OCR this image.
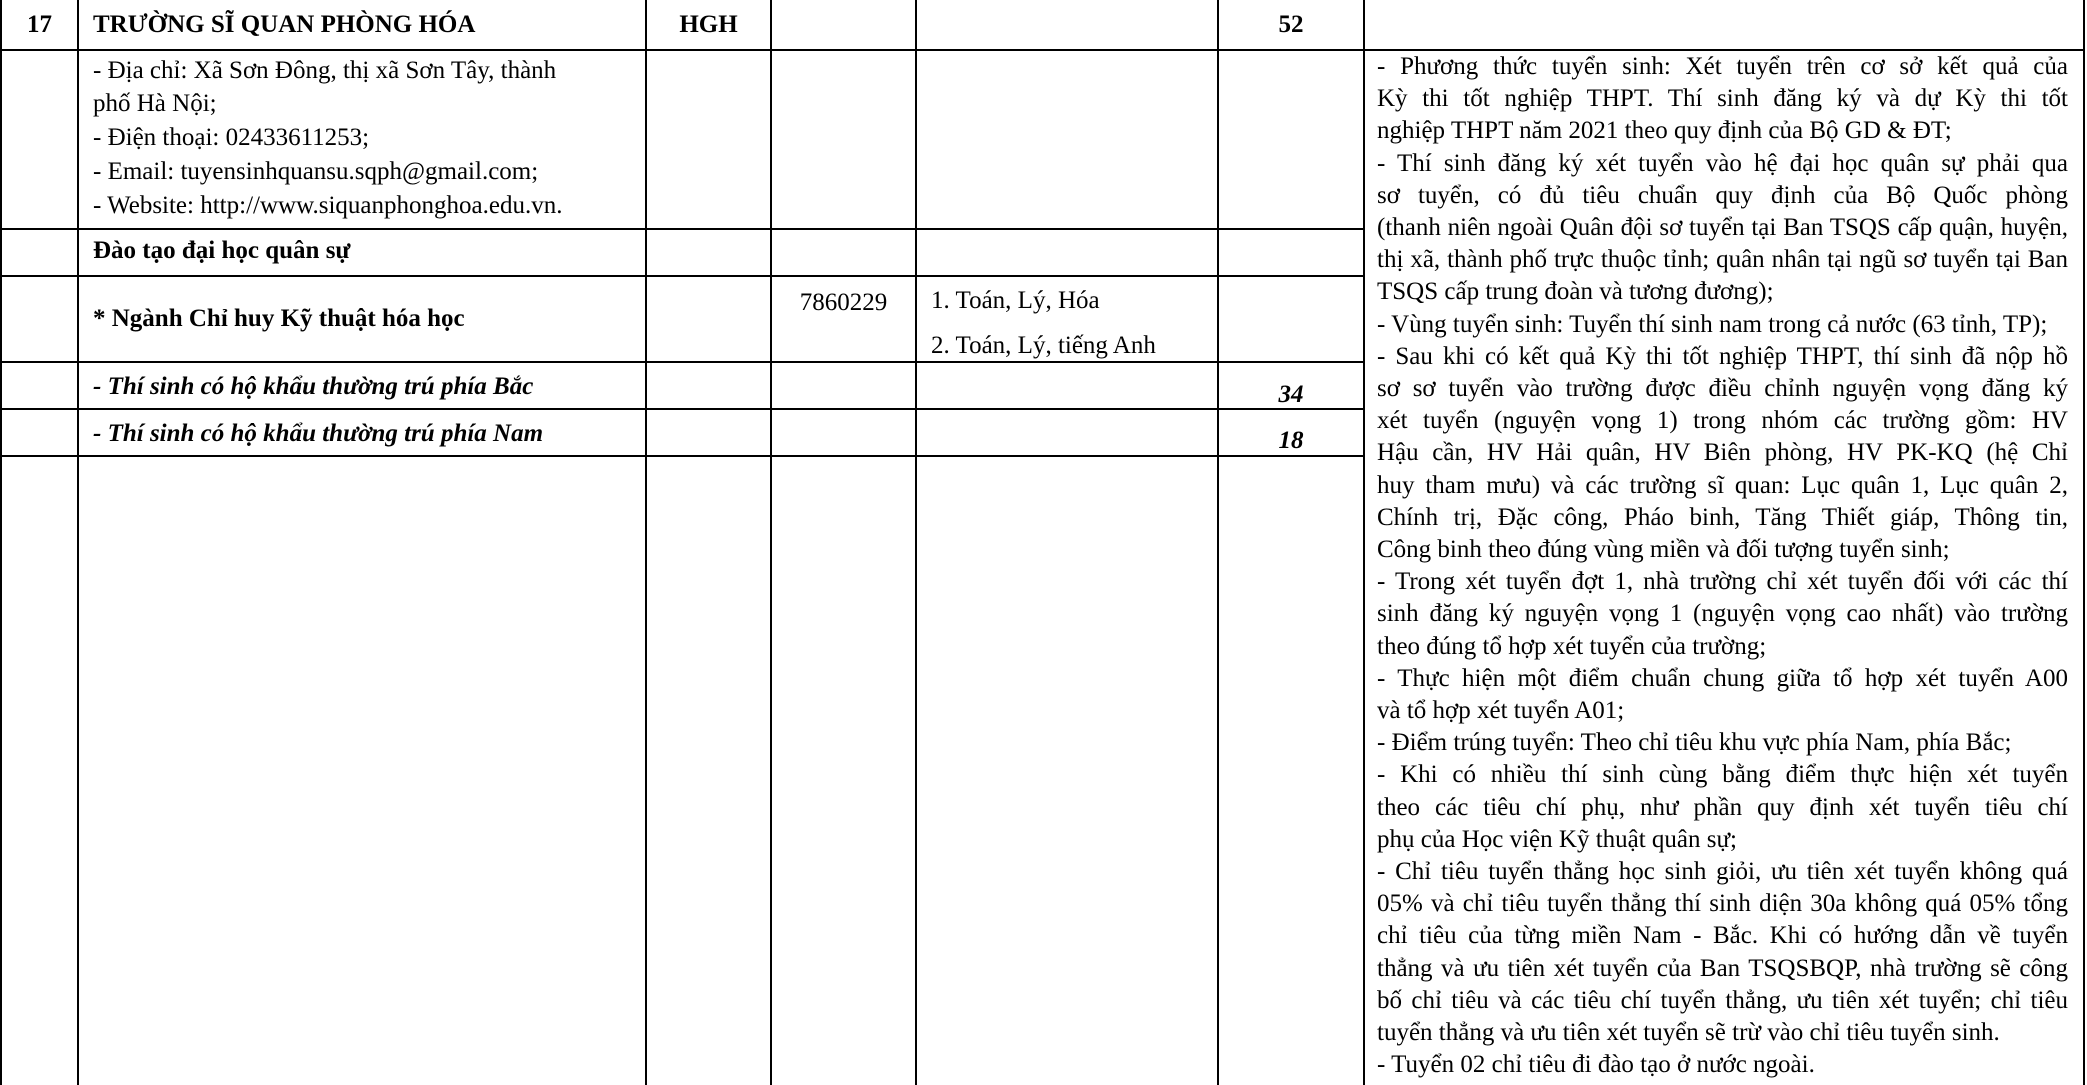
17	TRƯỜNG SĨ QUAN PHÒNG HÓA	HGH	52
- Địa chỉ: Xã Sơn Đông, thị xã Sơn Tây, thành
phố Hà Nội;
- Điện thoại: 02433611253;
- Email: tuyensinhquansu.sqph@gmail.com;
- Website: http://www.siquanphonghoa.edu.vn.
Đào tạo đại học quân sự
* Ngành Chỉ huy Kỹ thuật hóa học
7860229	1. Toán, Lý, Hóa
2. Toán, Lý, tiếng Anh
- Thí sinh có hộ khẩu thường trú phía Bắc	34
- Thí sinh có hộ khẩu thường trú phía Nam	18
- Phương thức tuyển sinh: Xét tuyển trên cơ sở kết quả của
Kỳ thi tốt nghiệp THPT. Thí sinh đăng ký và dự Kỳ thi tốt
nghiệp THPT năm 2021 theo quy định của Bộ GD & ĐT;
- Thí sinh đăng ký xét tuyển vào hệ đại học quân sự phải qua
sơ tuyển, có đủ tiêu chuẩn quy định của Bộ Quốc phòng
(thanh niên ngoài Quân đội sơ tuyển tại Ban TSQS cấp quận, huyện,
thị xã, thành phố trực thuộc tỉnh; quân nhân tại ngũ sơ tuyển tại Ban
TSQS cấp trung đoàn và tương đương);
- Vùng tuyển sinh: Tuyển thí sinh nam trong cả nước (63 tỉnh, TP);
- Sau khi có kết quả Kỳ thi tốt nghiệp THPT, thí sinh đã nộp hồ
sơ sơ tuyển vào trường được điều chỉnh nguyện vọng đăng ký
xét tuyển (nguyện vọng 1) trong nhóm các trường gồm: HV
Hậu cần, HV Hải quân, HV Biên phòng, HV PK-KQ (hệ Chỉ
huy tham mưu) và các trường sĩ quan: Lục quân 1, Lục quân 2,
Chính trị, Đặc công, Pháo binh, Tăng Thiết giáp, Thông tin,
Công binh theo đúng vùng miền và đối tượng tuyển sinh;
- Trong xét tuyển đợt 1, nhà trường chỉ xét tuyển đối với các thí
sinh đăng ký nguyện vọng 1 (nguyện vọng cao nhất) vào trường
theo đúng tổ hợp xét tuyển của trường;
- Thực hiện một điểm chuẩn chung giữa tổ hợp xét tuyển A00
và tổ hợp xét tuyển A01;
- Điểm trúng tuyển: Theo chỉ tiêu khu vực phía Nam, phía Bắc;
- Khi có nhiều thí sinh cùng bằng điểm thực hiện xét tuyển
theo các tiêu chí phụ, như phần quy định xét tuyển tiêu chí
phụ của Học viện Kỹ thuật quân sự;
- Chỉ tiêu tuyển thẳng học sinh giỏi, ưu tiên xét tuyển không quá
05% và chỉ tiêu tuyển thẳng thí sinh diện 30a không quá 05% tổng
chỉ tiêu của từng miền Nam - Bắc. Khi có hướng dẫn về tuyển
thẳng và ưu tiên xét tuyển của Ban TSQSBQP, nhà trường sẽ công
bố chỉ tiêu và các tiêu chí tuyển thẳng, ưu tiên xét tuyển; chỉ tiêu
tuyển thẳng và ưu tiên xét tuyển sẽ trừ vào chỉ tiêu tuyển sinh.
- Tuyển 02 chỉ tiêu đi đào tạo ở nước ngoài.
